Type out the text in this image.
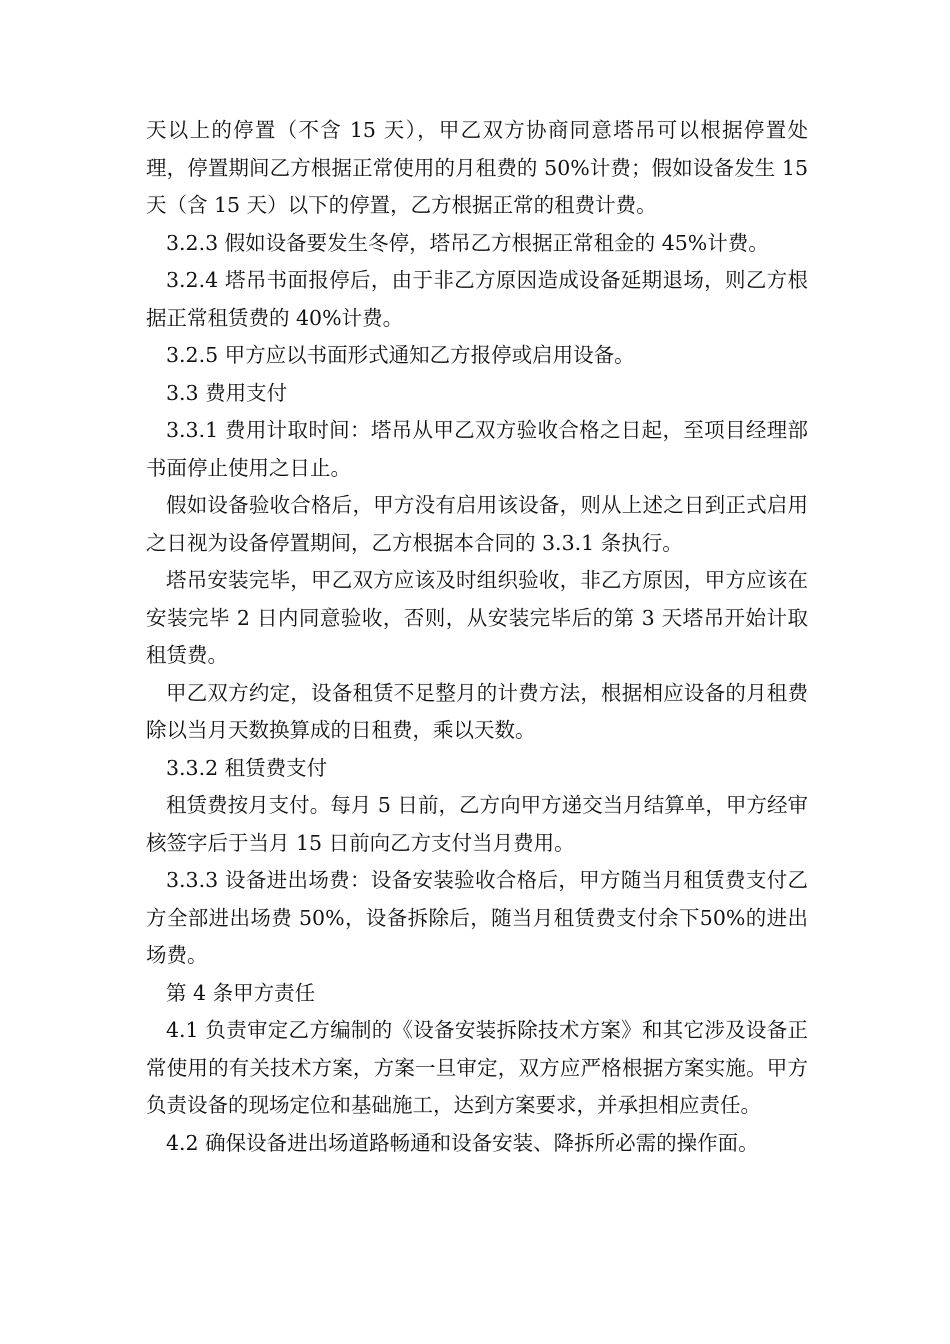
天以上的停置（不含 15 天），甲乙双方协商同意塔吊可以根据停置处理，停置期间乙方根据正常使用的月租费的 50%计费；假如设备发生 15 天（含 15 天）以下的停置，乙方根据正常的租费计费。

3.2.3 假如设备要发生冬停，塔吊乙方根据正常租金的 45%计费。

3.2.4 塔吊书面报停后，由于非乙方原因造成设备延期退场，则乙方根据正常租赁费的 40%计费。

3.2.5 甲方应以书面形式通知乙方报停或启用设备。

3.3 费用支付

3.3.1 费用计取时间：塔吊从甲乙双方验收合格之日起，至项目经理部书面停止使用之日止。

假如设备验收合格后，甲方没有启用该设备，则从上述之日到正式启用之日视为设备停置期间，乙方根据本合同的 3.3.1 条执行。

塔吊安装完毕，甲乙双方应该及时组织验收，非乙方原因，甲方应该在安装完毕 2 日内同意验收，否则，从安装完毕后的第 3 天塔吊开始计取租赁费。

甲乙双方约定，设备租赁不足整月的计费方法，根据相应设备的月租费除以当月天数换算成的日租费，乘以天数。

3.3.2 租赁费支付

租赁费按月支付。每月 5 日前，乙方向甲方递交当月结算单，甲方经审核签字后于当月 15 日前向乙方支付当月费用。

3.3.3 设备进出场费：设备安装验收合格后，甲方随当月租赁费支付乙方全部进出场费 50%，设备拆除后，随当月租赁费支付余下50%的进出场费。

第 4 条甲方责任

4.1 负责审定乙方编制的《设备安装拆除技术方案》和其它涉及设备正常使用的有关技术方案，方案一旦审定，双方应严格根据方案实施。甲方负责设备的现场定位和基础施工，达到方案要求，并承担相应责任。

4.2 确保设备进出场道路畅通和设备安装、降拆所必需的操作面。
